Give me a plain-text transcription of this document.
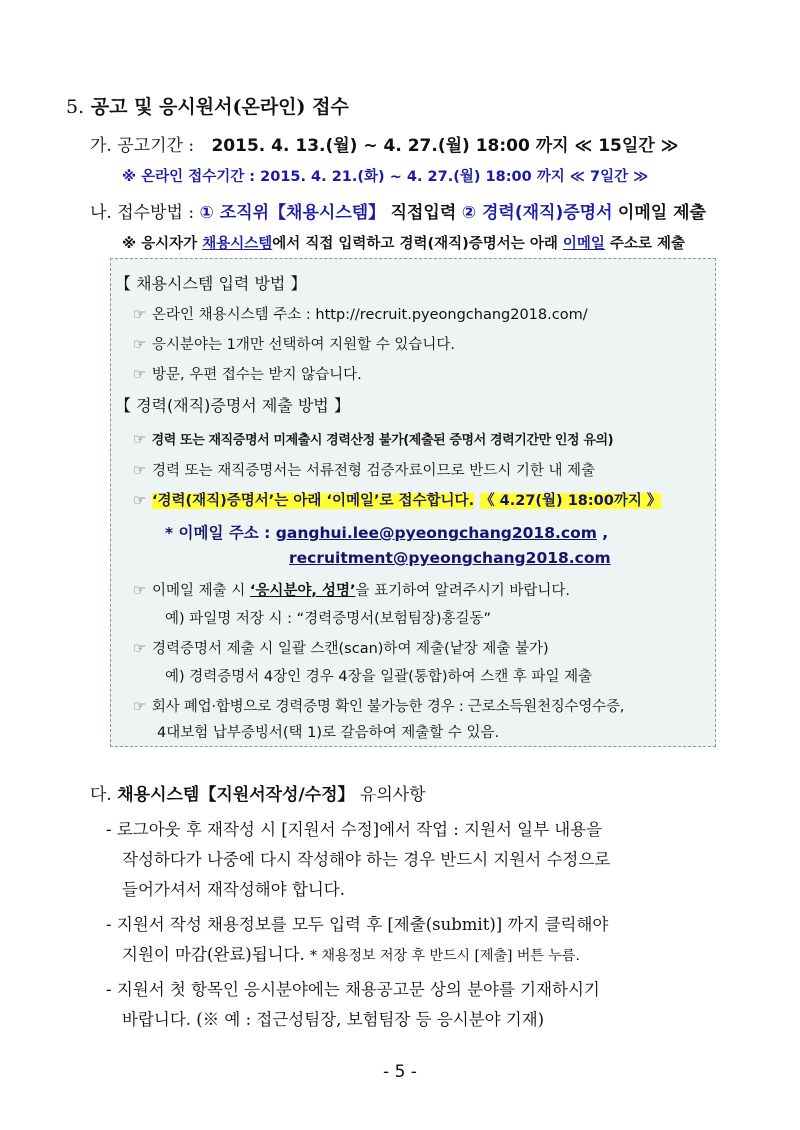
5. 공고 및 응시원서(온라인) 접수
가. 공고기간 : 2015. 4. 13.(월) ~ 4. 27.(월) 18:00 까지 ≪ 15일간 ≫
※ 온라인 접수기간 : 2015. 4. 21.(화) ~ 4. 27.(월) 18:00 까지 ≪ 7일간 ≫
나. 접수방법 : ① 조직위【채용시스템】 직접입력 ② 경력(재직)증명서 이메일 제출
※ 응시자가 채용시스템에서 직접 입력하고 경력(재직)증명서는 아래 이메일 주소로 제출
【 채용시스템 입력 방법 】
☞ 온라인 채용시스템 주소 : http://recruit.pyeongchang2018.com/
☞ 응시분야는 1개만 선택하여 지원할 수 있습니다.
☞ 방문, 우편 접수는 받지 않습니다.
【 경력(재직)증명서 제출 방법 】
☞ 경력 또는 재직증명서 미제출시 경력산정 불가(제출된 증명서 경력기간만 인정 유의)
☞ 경력 또는 재직증명서는 서류전형 검증자료이므로 반드시 기한 내 제출
☞ ‘경력(재직)증명서’는 아래 ‘이메일’로 접수합니다. 《 4.27(월) 18:00까지 》
* 이메일 주소 : ganghui.lee@pyeongchang2018.com ,
recruitment@pyeongchang2018.com
☞ 이메일 제출 시 ‘응시분야, 성명’을 표기하여 알려주시기 바랍니다.
예) 파일명 저장 시 : “경력증명서(보험팀장)홍길동”
☞ 경력증명서 제출 시 일괄 스캔(scan)하여 제출(낱장 제출 불가)
예) 경력증명서 4장인 경우 4장을 일괄(통합)하여 스캔 후 파일 제출
☞ 회사 폐업·합병으로 경력증명 확인 불가능한 경우 : 근로소득원천징수영수증,
4대보험 납부증빙서(택 1)로 갈음하여 제출할 수 있음.
다. 채용시스템【지원서작성/수정】 유의사항
- 로그아웃 후 재작성 시 [지원서 수정]에서 작업 : 지원서 일부 내용을
작성하다가 나중에 다시 작성해야 하는 경우 반드시 지원서 수정으로
들어가셔서 재작성해야 합니다.
- 지원서 작성 채용정보를 모두 입력 후 [제출(submit)] 까지 클릭해야
지원이 마감(완료)됩니다. * 채용정보 저장 후 반드시 [제출] 버튼 누름.
- 지원서 첫 항목인 응시분야에는 채용공고문 상의 분야를 기재하시기
바랍니다. (※ 예 : 접근성팀장, 보험팀장 등 응시분야 기재)
- 5 -
